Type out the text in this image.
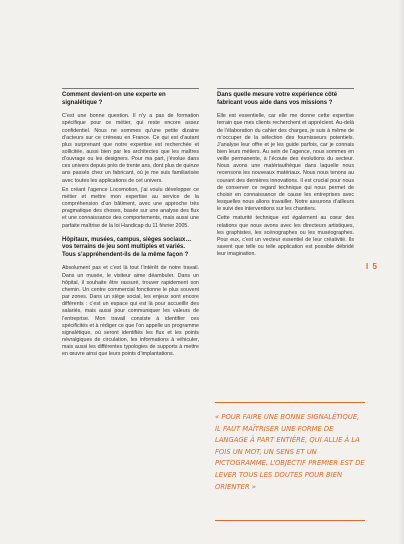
Comment devient-on une experte en signalétique ?

C’est une bonne question. Il n’y a pas de formation spécifique pour ce métier, qui reste encore assez confidentiel. Nous ne sommes qu’une petite dizaine d’acteurs sur ce créneau en France. Ce qui est d’autant plus surprenant que notre expertise est recherchée et sollicitée, aussi bien par les architectes que les maîtres d’ouvrage ou les designers. Pour ma part, j’évolue dans ces univers depuis près de trente ans, dont plus de quinze ans passés chez un fabricant, où je me suis familiarisée avec toutes les applications de cet univers.

En créant l’agence Locomotion, j’ai voulu développer ce métier et mettre mon expertise au service de la compréhension d’un bâtiment, avec une approche très pragmatique des choses, basée sur une analyse des flux et une connaissance des comportements, mais aussi une parfaite maîtrise de la loi Handicap du 11 février 2005.

Hôpitaux, musées, campus, sièges sociaux… vos terrains de jeu sont multiples et variés. Tous s’appréhendent-ils de la même façon ?

Absolument pas et c’est là tout l’intérêt de notre travail. Dans un musée, le visiteur aime déambuler. Dans un hôpital, il souhaite être rassuré, trouver rapidement son chemin. Un centre commercial fonctionne le plus souvent par zones. Dans un siège social, les enjeux sont encore différents : c’est un espace qui est là pour accueillir des salariés, mais aussi pour communiquer les valeurs de l’entreprise. Mon travail consiste à identifier ces spécificités et à rédiger ce que l’on appelle un programme signalétique, où seront identifiés les flux et les points névralgiques de circulation, les informations à véhiculer, mais aussi les différentes typologies de supports à mettre en œuvre ainsi que leurs points d’implantations.

Dans quelle mesure votre expérience côté fabricant vous aide dans vos missions ?

Elle est essentielle, car elle me donne cette expertise terrain que mes clients recherchent et apprécient. Au-delà de l’élaboration du cahier des charges, je suis à même de m’occuper de la sélection des fournisseurs potentiels. J’analyse leur offre et je les guide parfois, car je connais bien leurs métiers. Au sein de l’agence, nous sommes en veille permanente, à l’écoute des évolutions du secteur. Nous avons une matériauthèque dans laquelle nous recensons les nouveaux matériaux. Nous nous tenons au courant des dernières innovations. Il est crucial pour nous de conserver ce regard technique qui nous permet de choisir en connaissance de cause les entreprises avec lesquelles nous allons travailler. Notre assurons d’ailleurs le suivi des interventions sur les chantiers.

Cette maturité technique est également au cœur des relations que nous avons avec les directeurs artistiques, les graphistes, les scénographes ou les muséographes. Pour eux, c’est un vecteur essentiel de leur créativité. Ils savent que telle ou telle application est possible débridé leur imagination.

I 5
« POUR FAIRE UNE BONNE SIGNALÉTIQUE, IL FAUT MAÎTRISER UNE FORME DE LANGAGE À PART ENTIÈRE, QUI ALLIE À LA FOIS UN MOT, UN SENS ET UN PICTOGRAMME. L’OBJECTIF PREMIER EST DE LEVER TOUS LES DOUTES POUR BIEN ORIENTER »
